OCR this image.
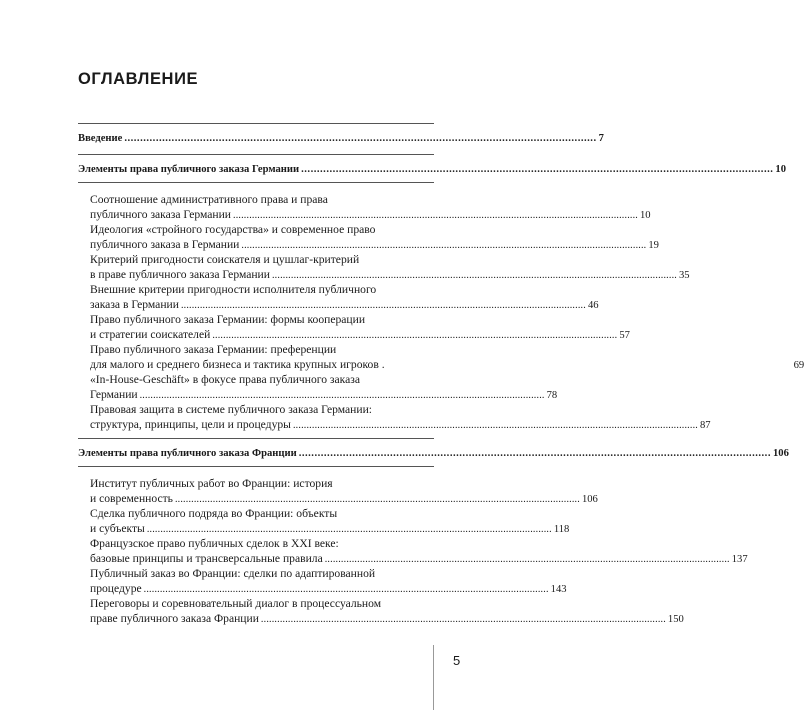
ОГЛАВЛЕНИЕ
Введение ...................................................................................................................................................... 7
Элементы права публичного заказа Германии ...................................................................................................................................................... 10
Соотношение административного права и права
публичного заказа Германии ...................................................................................................................................................... 10
Идеология «стройного государства» и современное право
публичного заказа в Германии ...................................................................................................................................................... 19
Критерий пригодности соискателя и цушлаг-критерий
в праве публичного заказа Германии ...................................................................................................................................................... 35
Внешние критерии пригодности исполнителя публичного
заказа в Германии ...................................................................................................................................................... 46
Право публичного заказа Германии: формы кооперации
и стратегии соискателей ...................................................................................................................................................... 57
Право публичного заказа Германии: преференции
для малого и среднего бизнеса и тактика крупных игроков .	69
«In-House-Geschäft» в фокусе права публичного заказа
Германии ...................................................................................................................................................... 78
Правовая защита в системе публичного заказа Германии:
структура, принципы, цели и процедуры ...................................................................................................................................................... 87
Элементы права публичного заказа Франции ...................................................................................................................................................... 106
Институт публичных работ во Франции: история
и современность ...................................................................................................................................................... 106
Сделка публичного подряда во Франции: объекты
и субъекты ...................................................................................................................................................... 118
Французское право публичных сделок в XXI веке:
базовые принципы и трансверсальные правила ...................................................................................................................................................... 137
Публичный заказ во Франции: сделки по адаптированной
процедуре ...................................................................................................................................................... 143
Переговоры и соревновательный диалог в процессуальном
праве публичного заказа Франции ...................................................................................................................................................... 150
5
